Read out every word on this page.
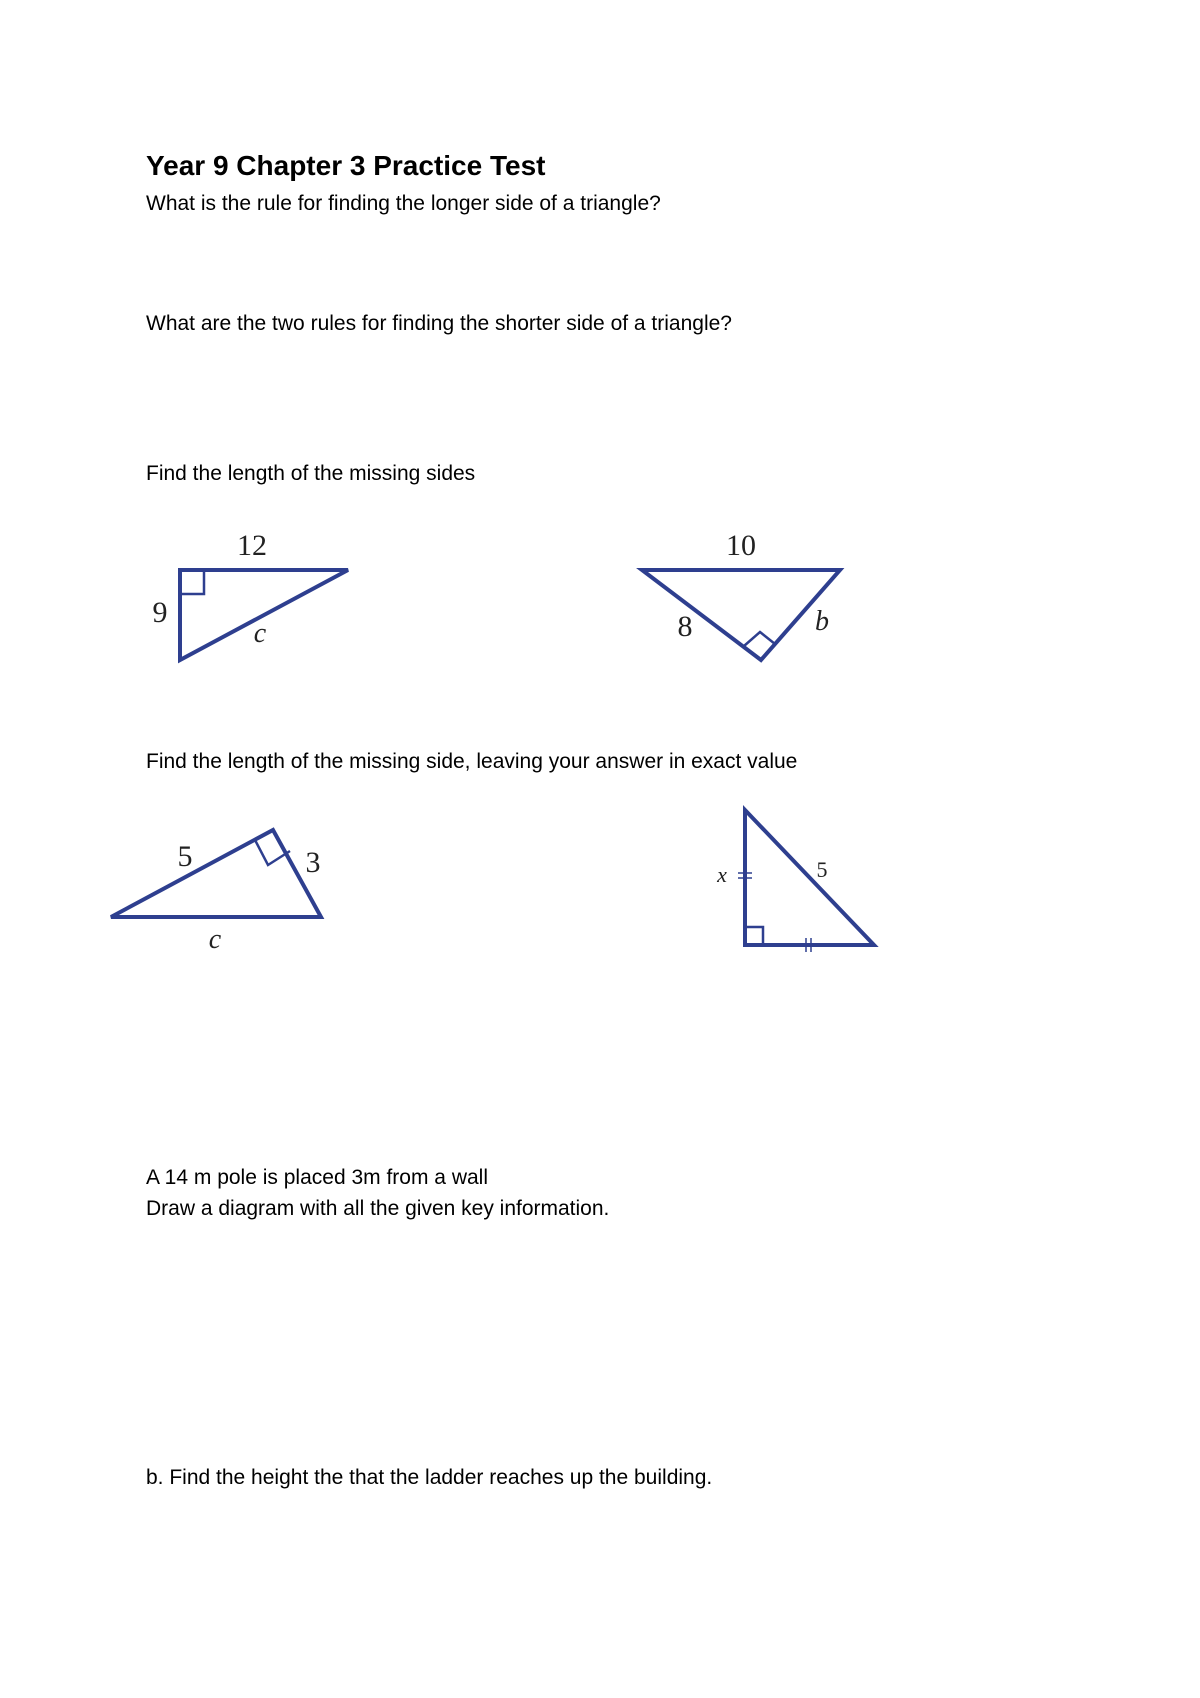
Year 9 Chapter 3 Practice Test
What is the rule for finding the longer side of a triangle?
What are the two rules for finding the shorter side of a triangle?
Find the length of the missing sides
12
9
c
10
8	b
Find the length of the missing side, leaving your answer in exact value
5	3
c
x	5
A 14 m pole is placed 3m from a wall
Draw a diagram with all the given key information.
b. Find the height the that the ladder reaches up the building.
